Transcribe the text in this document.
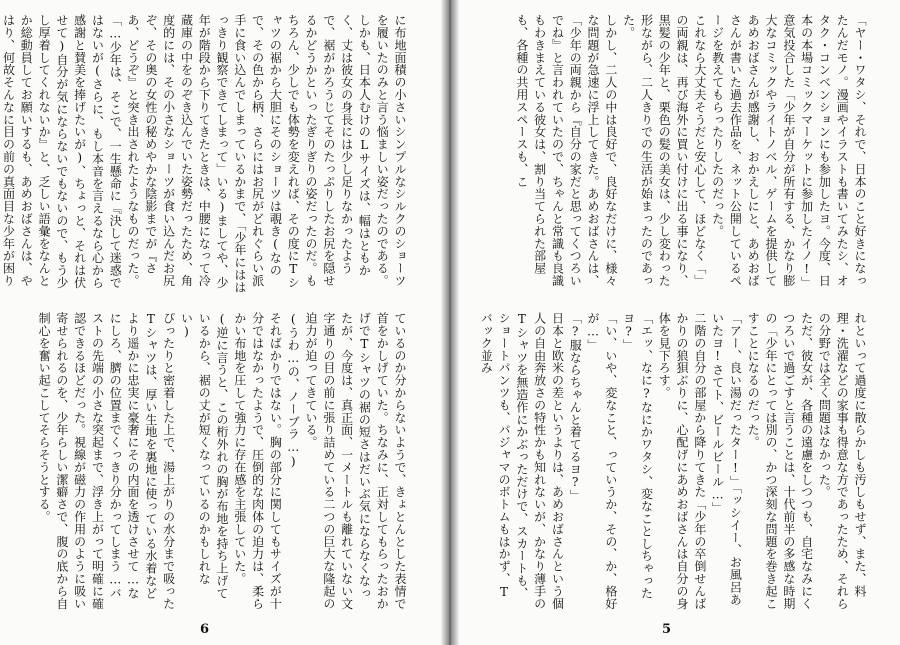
に布地面積の小さいシンプルなシルクのショーツを履いたのみと言う悩ましい姿だったのである。しかも、日本人むけのLサイズは、幅はともかく、丈は彼女の身長には少し足りなかったようで、裾がかろうじてそのたっぷりしたお尻を隠せるかどうかといったぎりぎりの姿だったのだ。もちろん、少しでも体勢を変えれば、その度にTシャツの裾から大胆にそのショーツは覗き(なので、その色から柄、さらにはお尻がどれぐらい派手に食い込んでしまっているかまで、「少年にははっきり観察できてしまって」いる)ましてや、少年が階段から下りてきたときは、中腰になって冷蔵庫の中をのぞき込んでいた姿勢だったため、角度的には、その小さなショーツが食い込んだお尻ぞ、その奥の女性の秘めやかな陰影までが『さあ、どうぞ』と突き出されたようなものだった。
「…少年は、そこで、一生懸命に『決して迷惑ではないが(さらに、もし本音を言えるなら心から感謝と賛美を捧げたいが)、ちょっと、それは伏せて)自分が気にならないでもないので、もう少し厚着してくれないか』と、乏しい語彙をなんとか総動員してお願いするも、あめおばさんは、やはり、何故そんなに目の前の真面目な少年が困り
ているのか分からないようで、きょとんとした表情で首をかしげていた。ちなみに、正対してもらったおかげでTシャツの裾の短さはだいぶ気にならなくなったが、今度は、真正面、一メートルも離れていない文字通りの目の前に張り詰めている二つの巨大な隆起の迫力が迫ってきている。
(うわ…の、ノーブラ…)
そればかりではない。胸の部分に関してもサイズが十分ではなかったようで、圧倒的な肉体の迫力は、柔らかい布地を圧して強力に存在感を主張していた。(逆に言うと、この桁外れの胸が布地を持ち上げているから、裾の丈が短くなっているのかもしれない)
ぴったりと密着した上で、湯上がりの水分まで吸ったTシャツは、厚い生地を裏地に使っている水着などより遥かに忠実に豪奢にその内面を透けさせて…なにしろ、臍の位置までくっきり分かってしまう…バストの先端の小さな突起まで、浮き上がって明確に確認できるほどだった。視線が磁力の作用のように吸い寄せられるのを、少年らしい潔癖さで、腹の底から自制心を奮い起こしてそらそうとする。
「ヤー・ワタシ、それで、日本のこと好きになったんだモノ。漫画やイラストも書いてみたシ、オタク・コンベンションにも参加したヨ。今度、日本の本場コミックマーケットに参加したイノ!」
意気投合した「少年が自分が所有する、かなり膨大なコミックやライトノベル、ゲームを提供してあめおばさんが感謝し、おかえしにと、あめおばさんが書いた過去作品を、ネット公開しているページを教えてもらったりしたのだった。
これなら大丈夫そうだと安心して、ほどなく「」の両親は、再び海外に買い付けに出る事になり、黒髪の少年と、栗色の髪の美女は、少し変わった形ながら、二人きりでの生活が始まったのであった。
しかし、二人の中は良好で、良好なだけに、様々な問題が急速に浮上してきた。あめおばさんは、「少年の両親から『自分の家だと思ってくつろいでね』と言われていたので、ちゃんと常識も良識もわきまえている彼女は、割り当てられた部屋も、各種の共用スペースも、こ
れといって過度に散らかしも汚しもせず、また、料理・洗濯などの家事も得意な方であったため、それらの分野では全く問題はなかった。
ただ、彼女が、各種の遠慮をしつつも、自宅なみにくつろいで過ごすと言うことは、十代前半の多感な時期の「少年にとっては別の、かつ深刻な問題を巻き起こすことになるのだった。
「アー、良い湯だったター!」「ッシイー、お風呂あいたヨ!さてト、ビールビール…」
二階の自分の部屋から降りてきた「少年の卒倒せんばかりの狼狽ぶりに、心配げにあめおばさんは自分の身体を見下ろす。
「エッ、なに?なにかワタシ、変なことしちゃったヨ?」
「い、いや、変なこと、っていうか、その、か、格好が…」
「?服ならちゃんと着てるヨ?」
日本と欧米の差というよりは、あめおばさんという個人の自由奔放さの特性かも知れないが、かなり薄手のTシャツを無造作にかぶっただけで、スカートも、ショートパンツも、パジャマのボトムもはかず、Tバック並み
6	5
